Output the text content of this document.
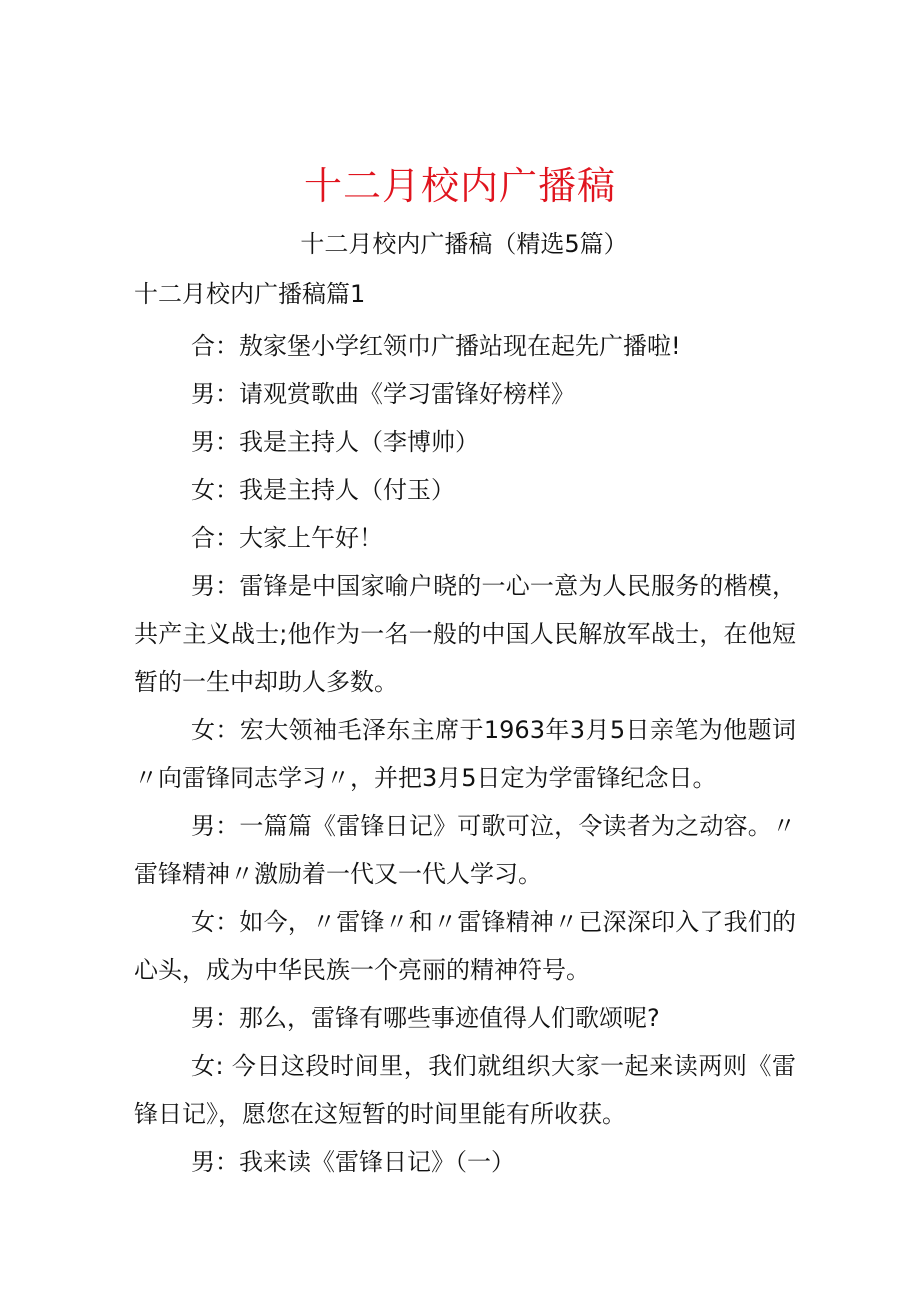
十二月校内广播稿
十二月校内广播稿（精选5篇）
十二月校内广播稿篇1

合：敖家堡小学红领巾广播站现在起先广播啦!

男：请观赏歌曲《学习雷锋好榜样》

男：我是主持人（李博帅）

女：我是主持人（付玉）

合：大家上午好！

男：雷锋是中国家喻户晓的一心一意为人民服务的楷模，共产主义战士;他作为一名一般的中国人民解放军战士，在他短暂的一生中却助人多数。

女：宏大领袖毛泽东主席于1963年3月5日亲笔为他题词〃向雷锋同志学习〃，并把3月5日定为学雷锋纪念日。

男：一篇篇《雷锋日记》可歌可泣，令读者为之动容。〃雷锋精神〃激励着一代又一代人学习。

女：如今，〃雷锋〃和〃雷锋精神〃已深深印入了我们的心头，成为中华民族一个亮丽的精神符号。

男：那么，雷锋有哪些事迹值得人们歌颂呢?

女: 今日这段时间里，我们就组织大家一起来读两则《雷锋日记》，愿您在这短暂的时间里能有所收获。

男：我来读《雷锋日记》（一）
